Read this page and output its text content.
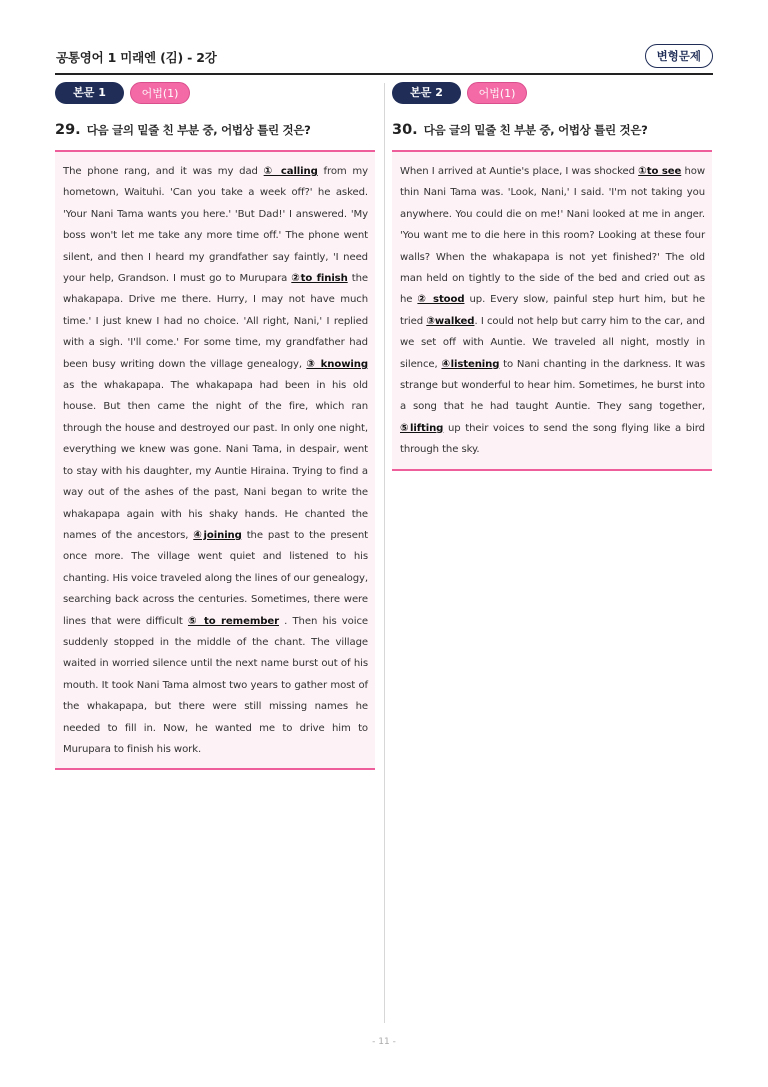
공통영어 1 미래엔 (김) - 2강	변형문제
본문 1	어법(1)
29. 다음 글의 밑줄 친 부분 중, 어법상 틀린 것은?

The phone rang, and it was my dad ① calling from my hometown, Waituhi. 'Can you take a week off?' he asked. 'Your Nani Tama wants you here.' 'But Dad!' I answered. 'My boss won't let me take any more time off.' The phone went silent, and then I heard my grandfather say faintly, 'I need your help, Grandson. I must go to Murupara ②to finish the whakapapa. Drive me there. Hurry, I may not have much time.' I just knew I had no choice. 'All right, Nani,' I replied with a sigh. 'I'll come.' For some time, my grandfather had been busy writing down the village genealogy, ③ knowing as the whakapapa. The whakapapa had been in his old house. But then came the night of the fire, which ran through the house and destroyed our past. In only one night, everything we knew was gone. Nani Tama, in despair, went to stay with his daughter, my Auntie Hiraina. Trying to find a way out of the ashes of the past, Nani began to write the whakapapa again with his shaky hands. He chanted the names of the ancestors, ④joining the past to the present once more. The village went quiet and listened to his chanting. His voice traveled along the lines of our genealogy, searching back across the centuries. Sometimes, there were lines that were difficult ⑤ to remember . Then his voice suddenly stopped in the middle of the chant. The village waited in worried silence until the next name burst out of his mouth. It took Nani Tama almost two years to gather most of the whakapapa, but there were still missing names he needed to fill in. Now, he wanted me to drive him to Murupara to finish his work.

본문 2	어법(1)
30. 다음 글의 밑줄 친 부분 중, 어법상 틀린 것은?

When I arrived at Auntie's place, I was shocked ①to see how thin Nani Tama was. 'Look, Nani,' I said. 'I'm not taking you anywhere. You could die on me!' Nani looked at me in anger. 'You want me to die here in this room? Looking at these four walls? When the whakapapa is not yet finished?' The old man held on tightly to the side of the bed and cried out as he ② stood up. Every slow, painful step hurt him, but he tried ③walked. I could not help but carry him to the car, and we set off with Auntie. We traveled all night, mostly in silence, ④listening to Nani chanting in the darkness. It was strange but wonderful to hear him. Sometimes, he burst into a song that he had taught Auntie. They sang together, ⑤lifting up their voices to send the song flying like a bird through the sky.

- 11 -
